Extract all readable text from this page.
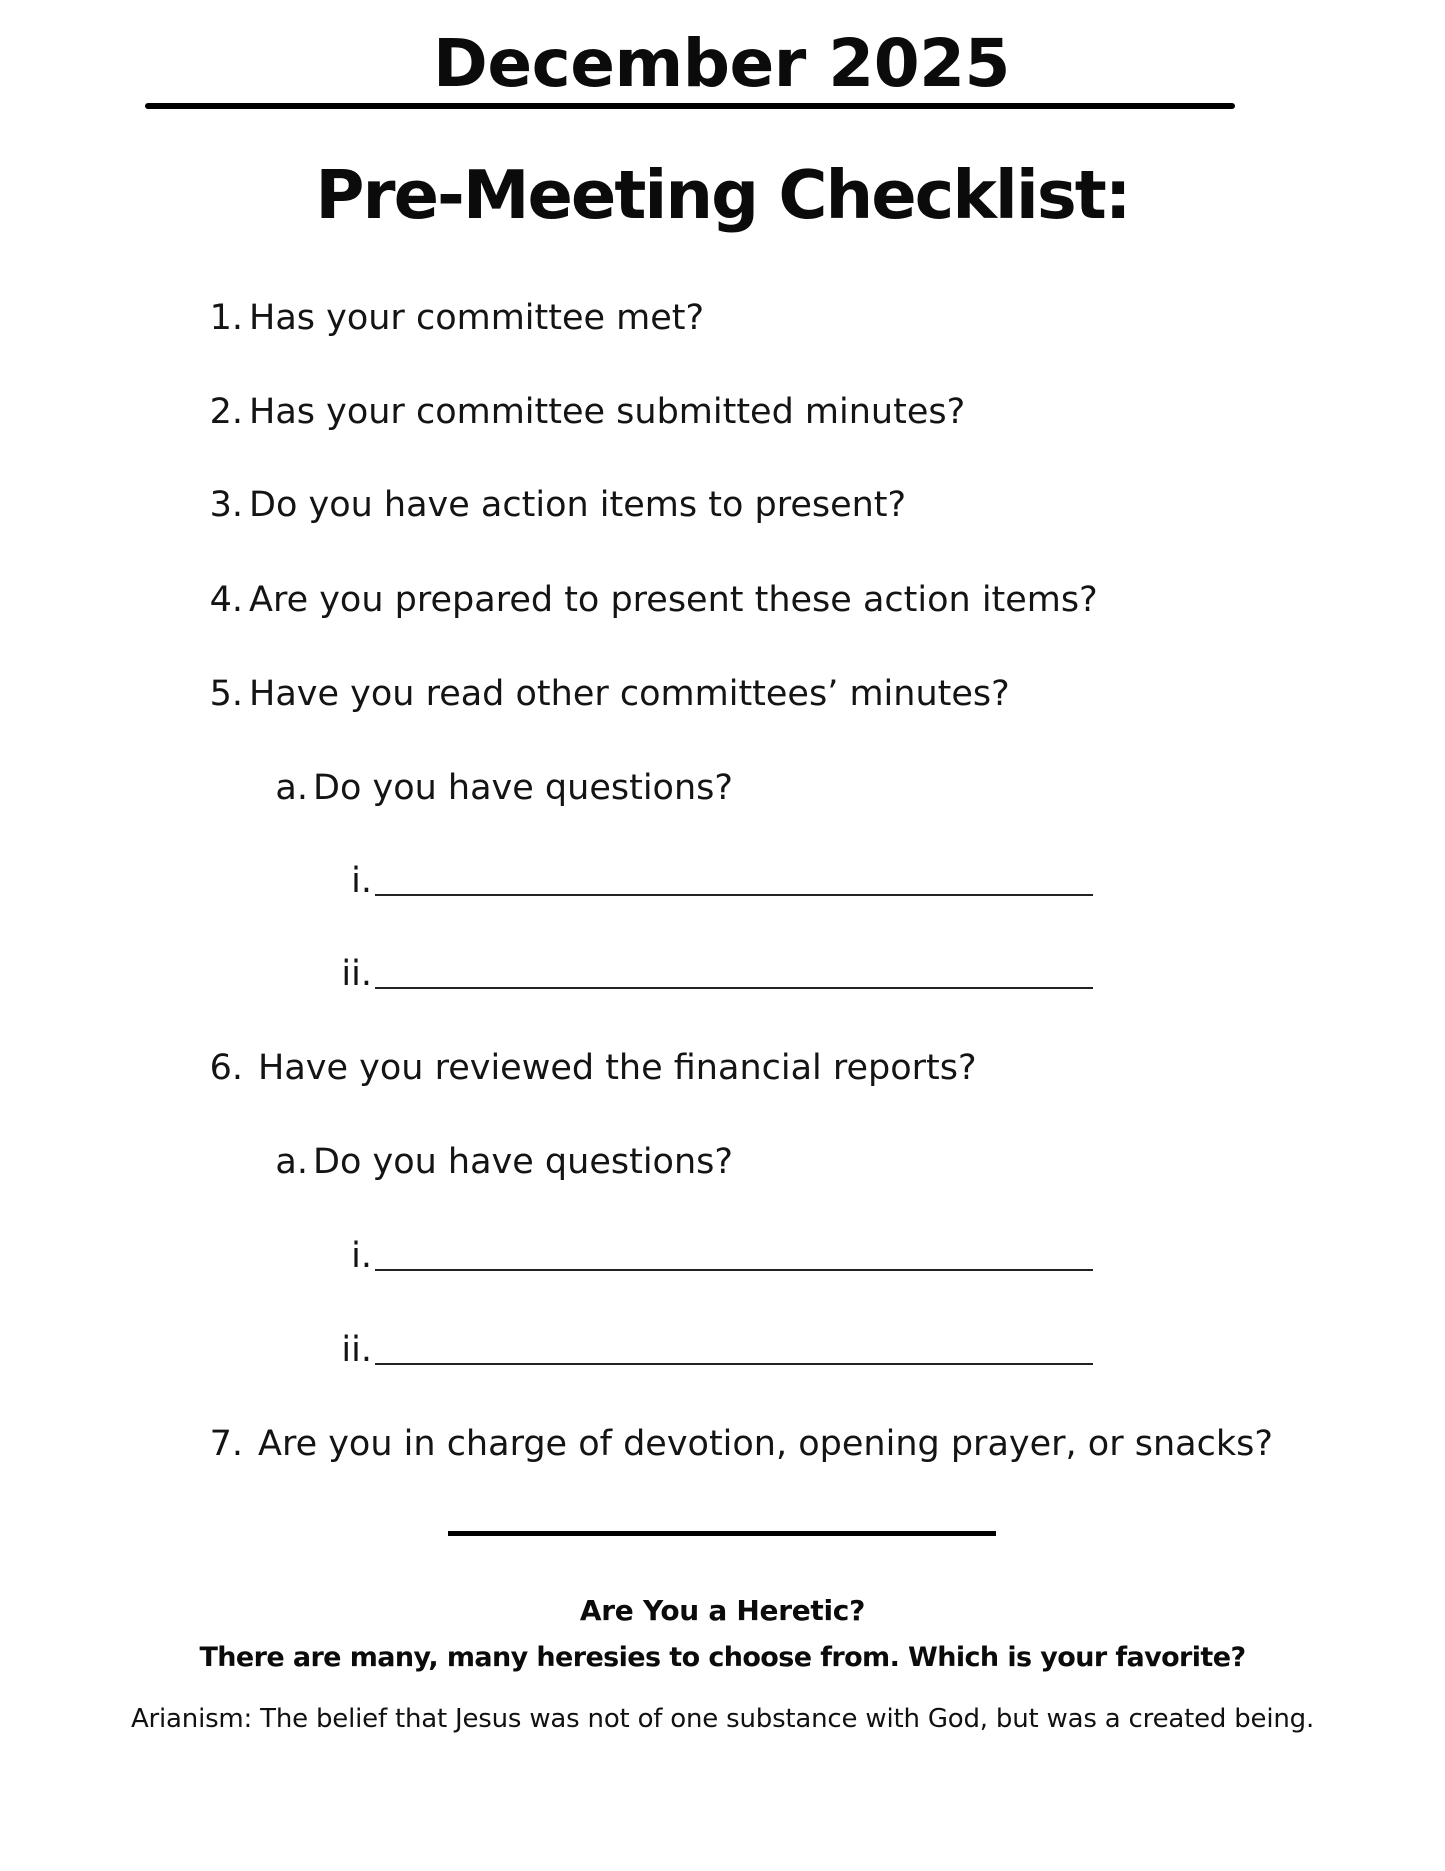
December 2025
Pre-Meeting Checklist:
1. Has your committee met?
2. Has your committee submitted minutes?
3. Do you have action items to present?
4. Are you prepared to present these action items?
5. Have you read other committees’ minutes?
a. Do you have questions?
i.
ii.
6. Have you reviewed the financial reports?
a. Do you have questions?
i.
ii.
7. Are you in charge of devotion, opening prayer, or snacks?
Are You a Heretic?
There are many, many heresies to choose from. Which is your favorite?
Arianism: The belief that Jesus was not of one substance with God, but was a created being.
